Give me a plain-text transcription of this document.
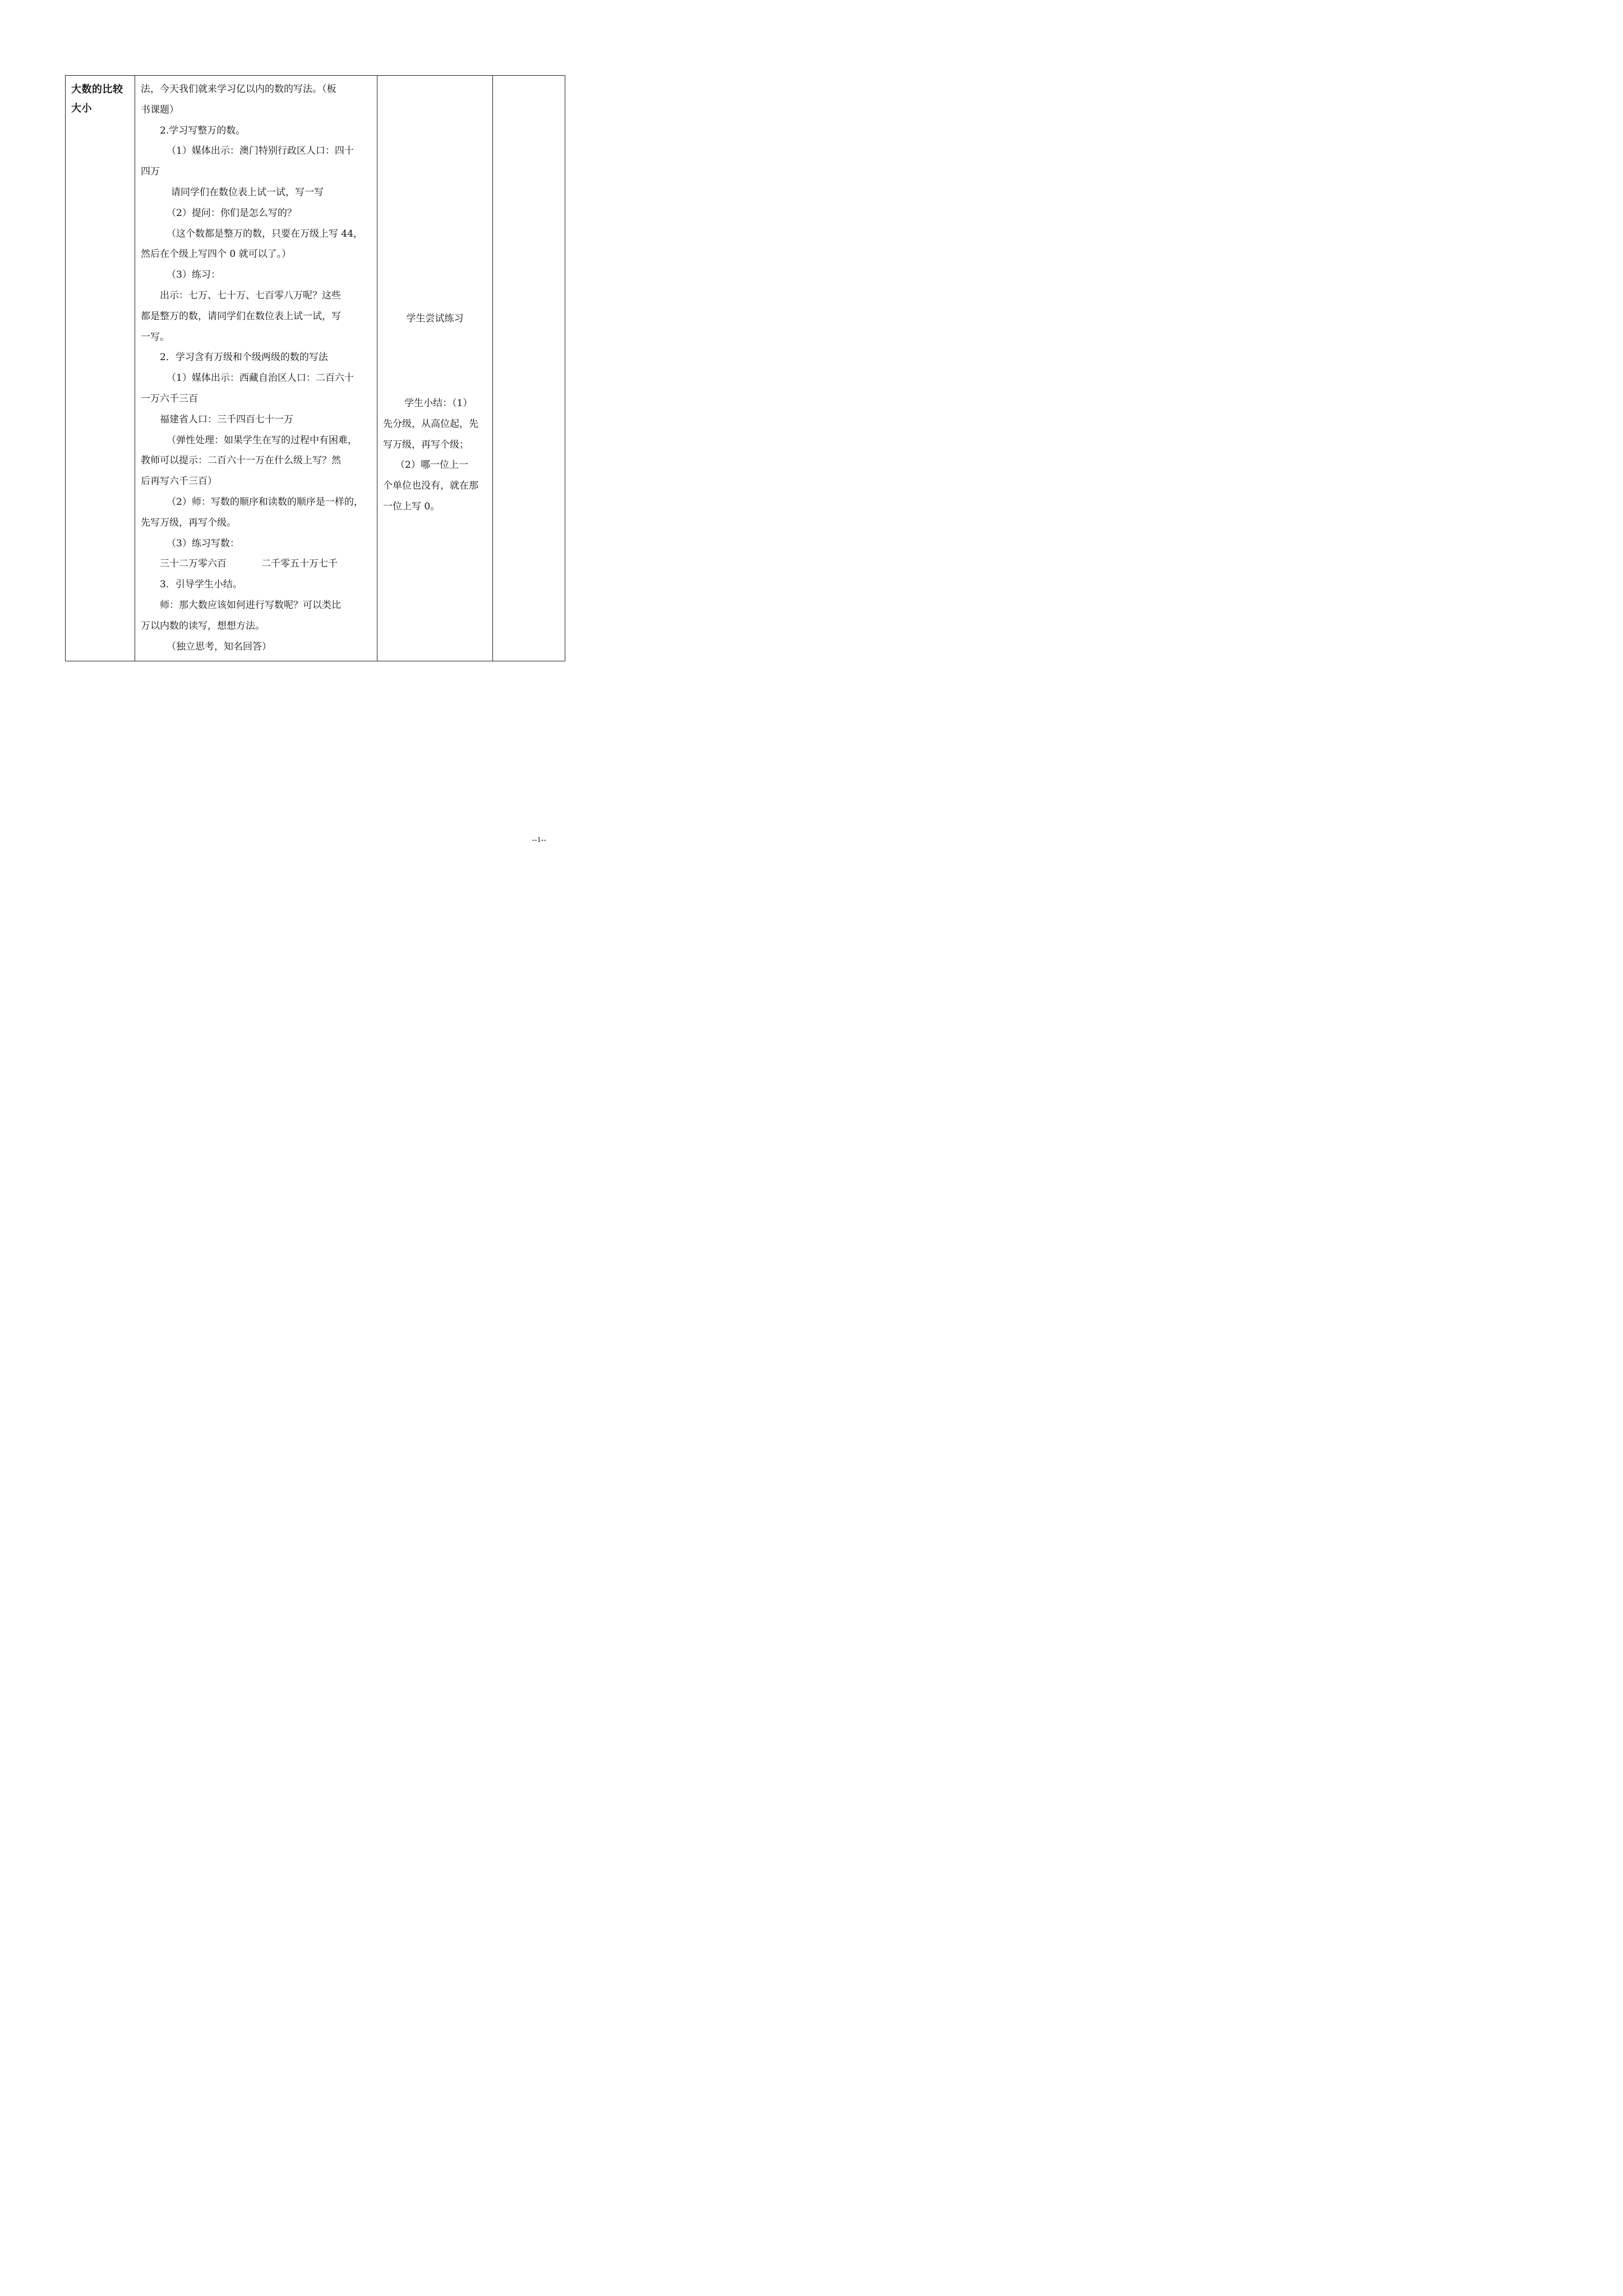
大数的比较
大小

法，今天我们就来学习亿以内的数的写法。（板
书课题）
2.学习写整万的数。
（1）媒体出示：澳门特别行政区人口：四十
四万
请同学们在数位表上试一试，写一写
（2）提问：你们是怎么写的？
（这个数都是整万的数，只要在万级上写 44，
然后在个级上写四个 0 就可以了。）
（3）练习：
出示：七万、七十万、七百零八万呢？这些
都是整万的数，请同学们在数位表上试一试，写
一写。
2．学习含有万级和个级两级的数的写法
（1）媒体出示：西藏自治区人口：二百六十
一万六千三百
福建省人口：三千四百七十一万
（弹性处理：如果学生在写的过程中有困难，
教师可以提示：二百六十一万在什么级上写？然
后再写六千三百）
（2）师：写数的顺序和读数的顺序是一样的，
先写万级，再写个级。
（3）练习写数：
三十二万零六百	二千零五十万七千
3．引导学生小结。
师：那大数应该如何进行写数呢？可以类比
万以内数的读写，想想方法。
（独立思考，知名回答）

学生尝试练习
学生小结：（1）
先分级，从高位起，先
写万级，再写个级；
（2）哪一位上一
个单位也没有，就在那
一位上写 0。

--1--
